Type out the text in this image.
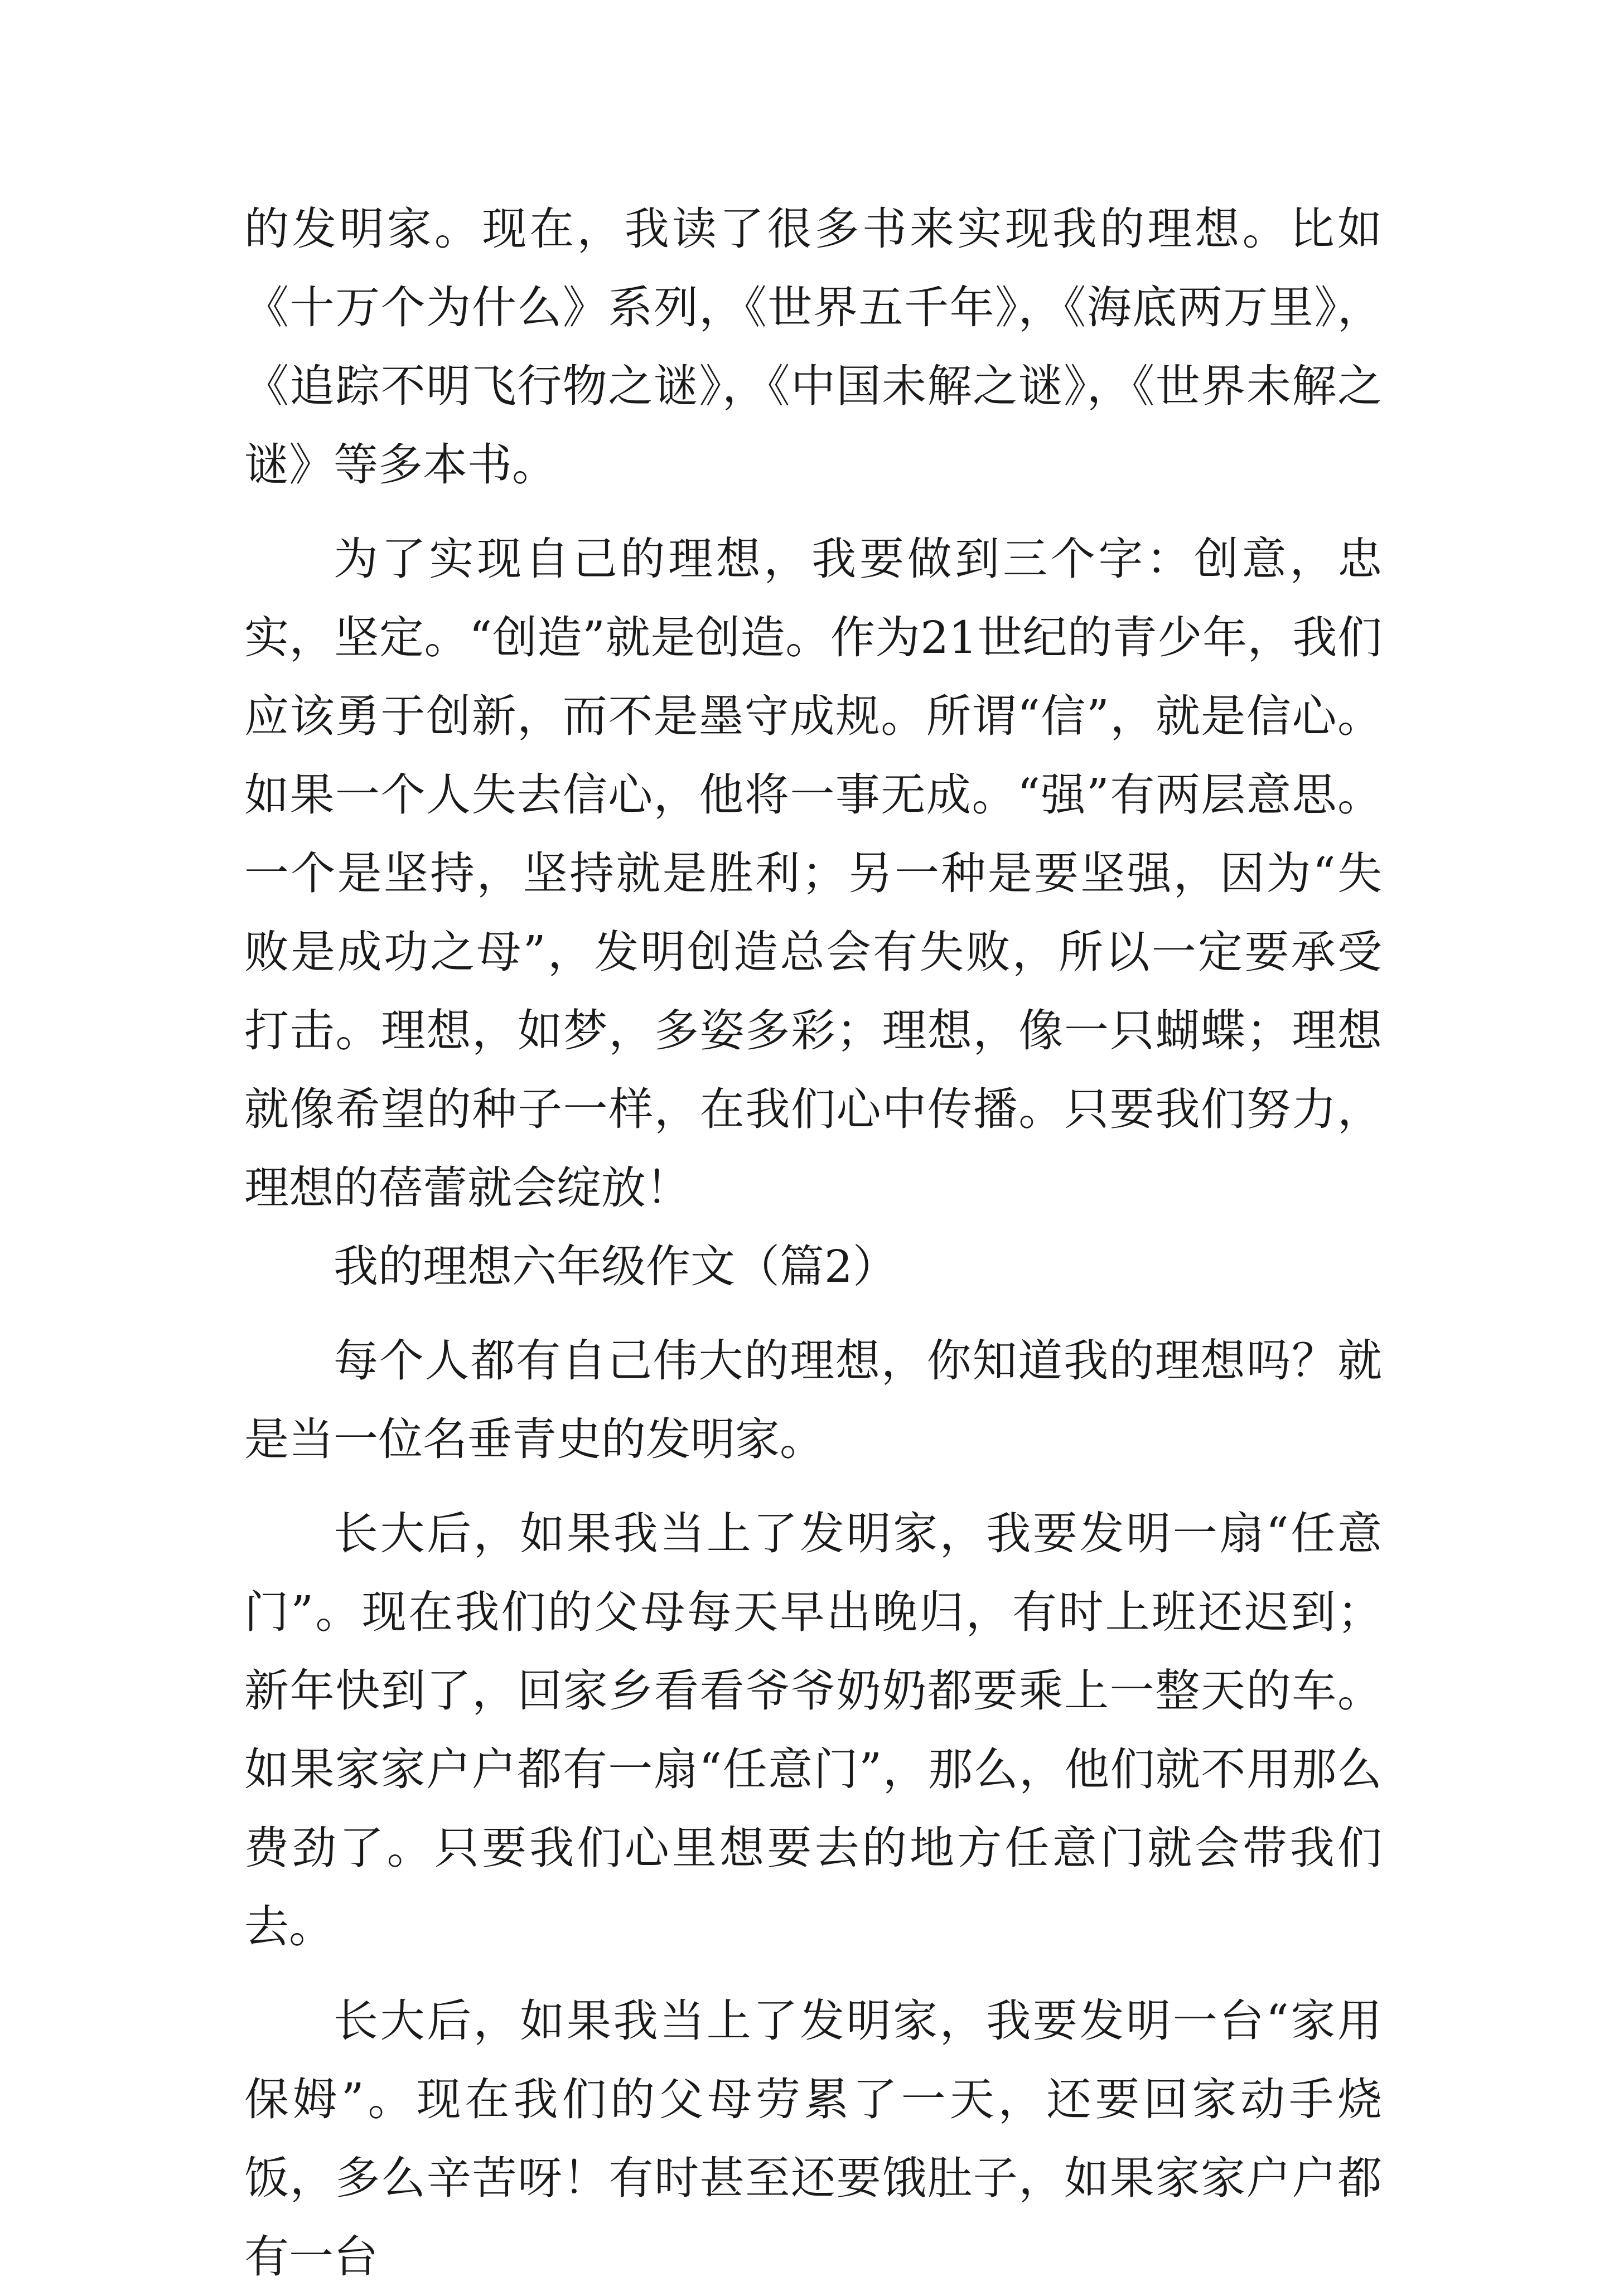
的发明家。现在，我读了很多书来实现我的理想。比如《十万个为什么》系列，《世界五千年》，《海底两万里》，《追踪不明飞行物之谜》，《中国未解之谜》，《世界未解之谜》等多本书。

为了实现自己的理想，我要做到三个字：创意，忠实，坚定。“创造”就是创造。作为21世纪的青少年，我们应该勇于创新，而不是墨守成规。所谓“信”，就是信心。如果一个人失去信心，他将一事无成。“强”有两层意思。一个是坚持，坚持就是胜利；另一种是要坚强，因为“失败是成功之母”，发明创造总会有失败，所以一定要承受打击。理想，如梦，多姿多彩；理想，像一只蝴蝶；理想就像希望的种子一样，在我们心中传播。只要我们努力，理想的蓓蕾就会绽放！

我的理想六年级作文（篇2）

每个人都有自己伟大的理想，你知道我的理想吗？就是当一位名垂青史的发明家。

长大后，如果我当上了发明家，我要发明一扇“任意门”。现在我们的父母每天早出晚归，有时上班还迟到；新年快到了，回家乡看看爷爷奶奶都要乘上一整天的车。如果家家户户都有一扇“任意门”，那么，他们就不用那么费劲了。只要我们心里想要去的地方任意门就会带我们去。

长大后，如果我当上了发明家，我要发明一台“家用保姆”。现在我们的父母劳累了一天，还要回家动手烧饭，多么辛苦呀！有时甚至还要饿肚子，如果家家户户都有一台
